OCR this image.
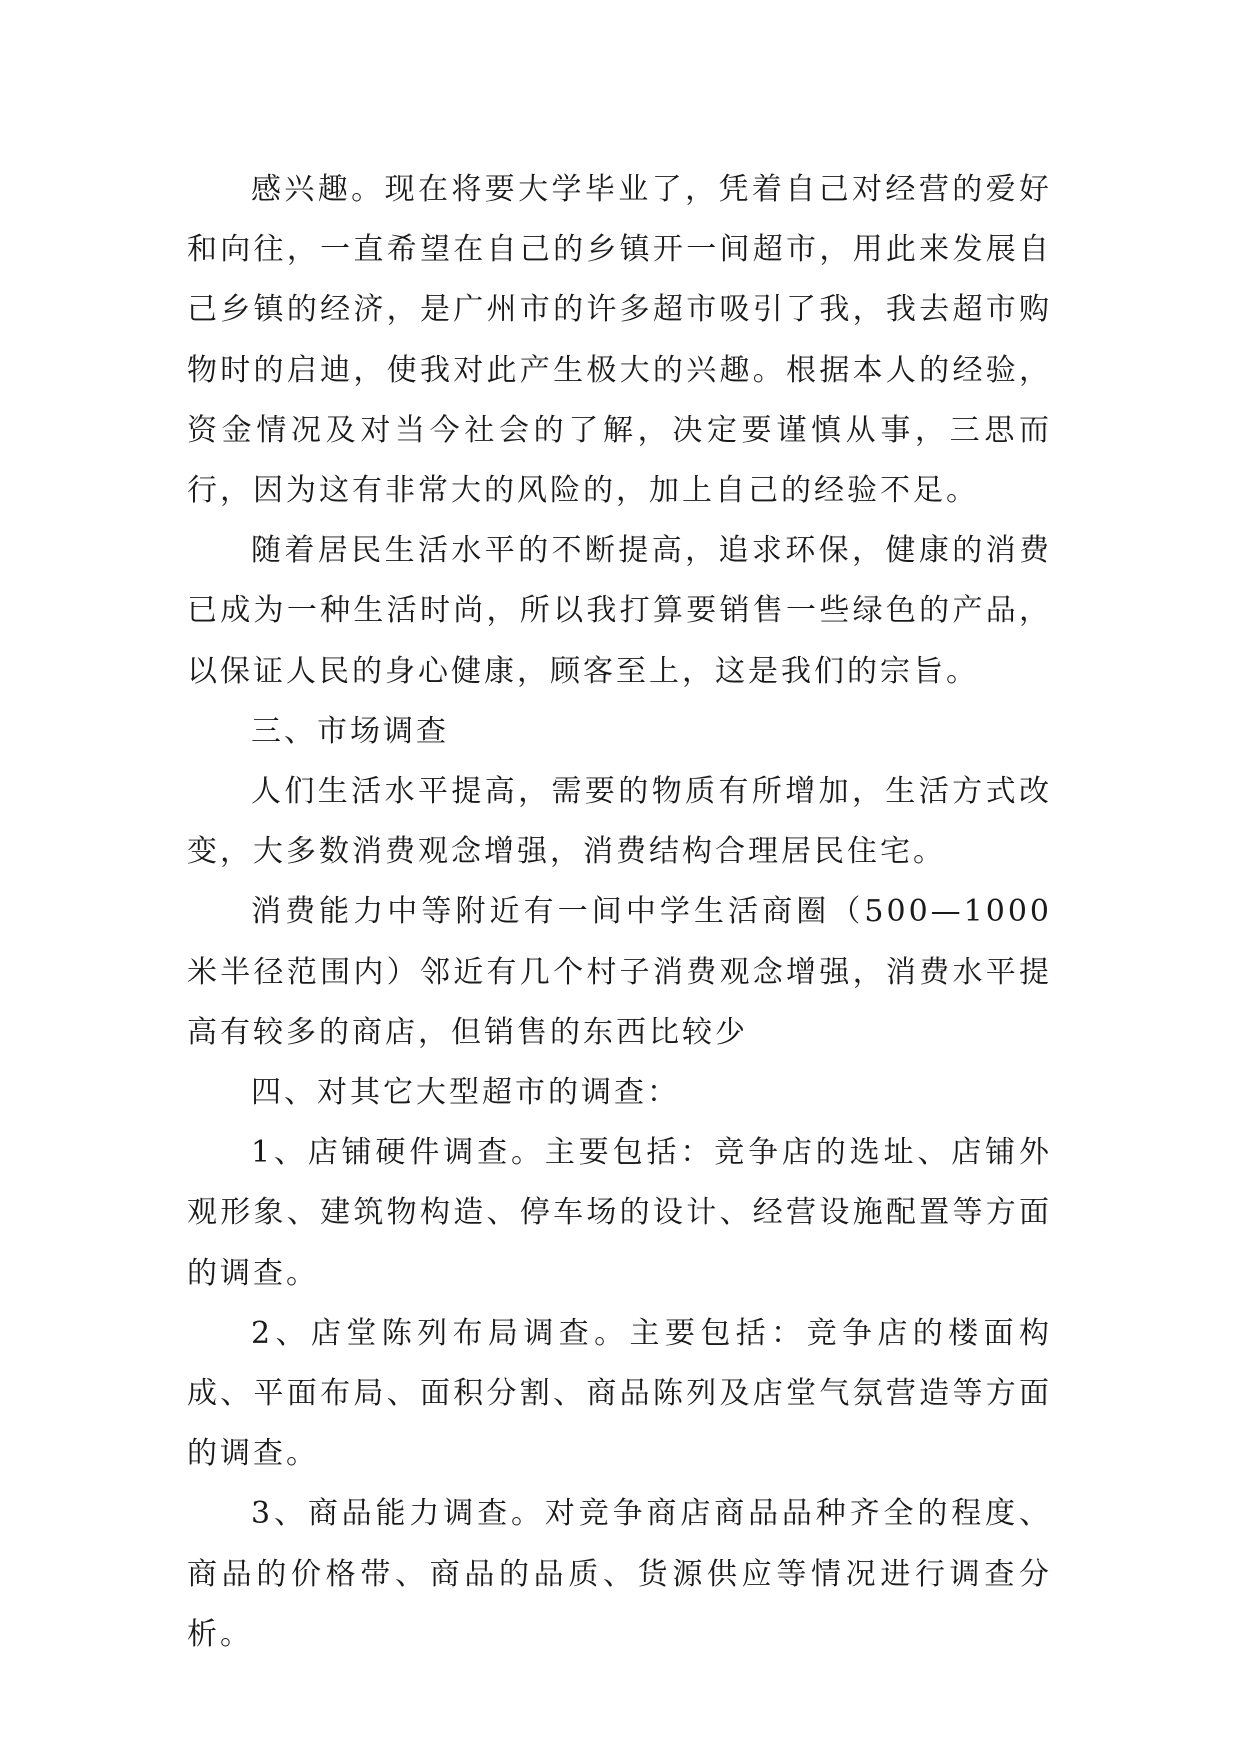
感兴趣。现在将要大学毕业了，凭着自己对经营的爱好和向往，一直希望在自己的乡镇开一间超市，用此来发展自己乡镇的经济，是广州市的许多超市吸引了我，我去超市购物时的启迪，使我对此产生极大的兴趣。根据本人的经验，资金情况及对当今社会的了解，决定要谨慎从事，三思而行，因为这有非常大的风险的，加上自己的经验不足。

随着居民生活水平的不断提高，追求环保，健康的消费已成为一种生活时尚，所以我打算要销售一些绿色的产品，以保证人民的身心健康，顾客至上，这是我们的宗旨。

三、市场调查

人们生活水平提高，需要的物质有所增加，生活方式改变，大多数消费观念增强，消费结构合理居民住宅。

消费能力中等附近有一间中学生活商圈（500—1000米半径范围内）邻近有几个村子消费观念增强，消费水平提高有较多的商店，但销售的东西比较少

四、对其它大型超市的调查：

1、店铺硬件调查。主要包括：竞争店的选址、店铺外观形象、建筑物构造、停车场的设计、经营设施配置等方面的调查。

2、店堂陈列布局调查。主要包括：竞争店的楼面构成、平面布局、面积分割、商品陈列及店堂气氛营造等方面的调查。

3、商品能力调查。对竞争商店商品品种齐全的程度、商品的价格带、商品的品质、货源供应等情况进行调查分析。
